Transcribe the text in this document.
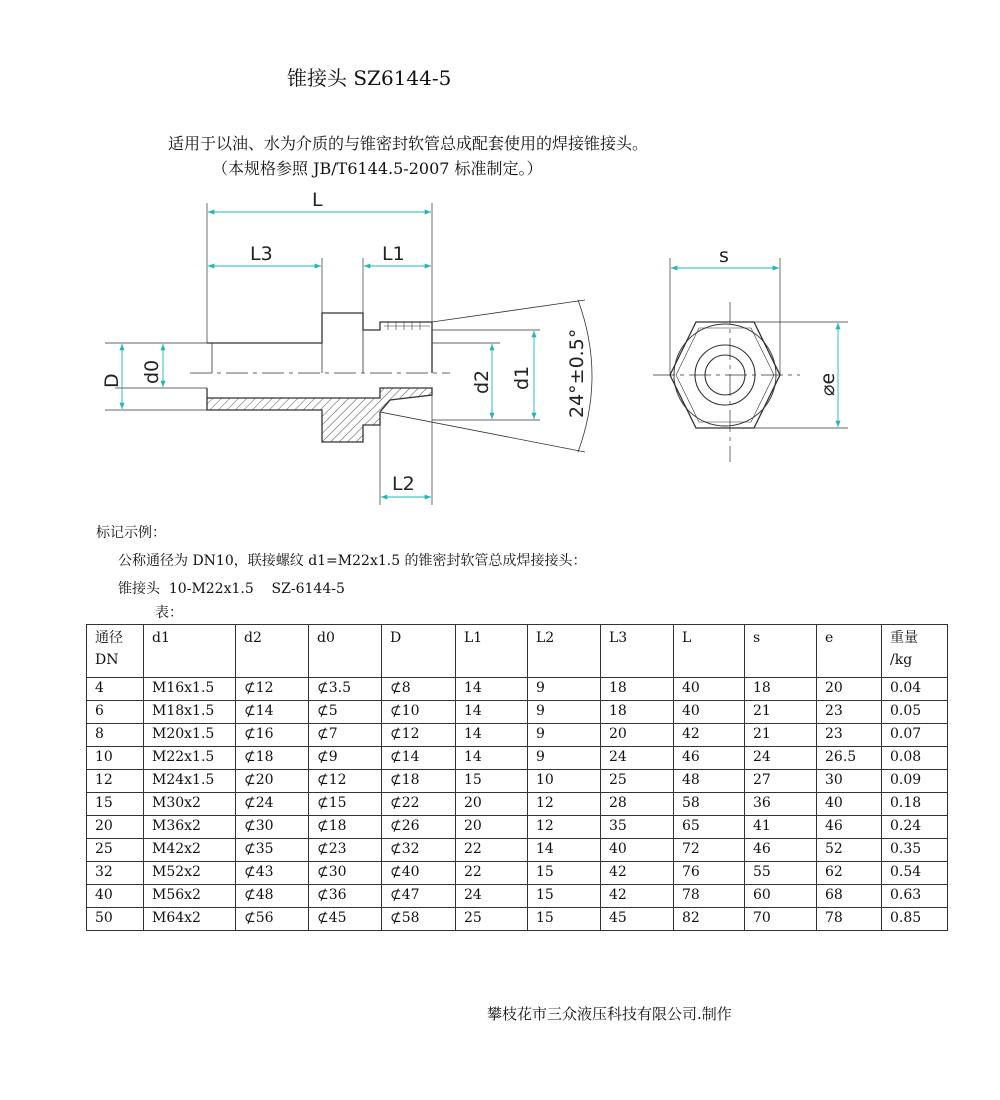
锥接头 SZ6144-5
适用于以油、水为介质的与锥密封软管总成配套使用的焊接锥接头。
（本规格参照 JB/T6144.5-2007 标准制定。）
L
L3	L1
L2
D d0	d2 d1 24°±0.5°
s
⌀e
标记示例：
公称通径为 DN10，联接螺纹 d1=M22x1.5 的锥密封软管总成焊接接头：
锥接头  10-M22x1.5    SZ-6144-5
表：
通径
DN	d1	d2	d0	D	L1	L2	L3	L	s	e	重量
/kg
4	M16x1.5	⊄12	⊄3.5	⊄8	14	9	18	40	18	20	0.04
6	M18x1.5	⊄14	⊄5	⊄10	14	9	18	40	21	23	0.05
8	M20x1.5	⊄16	⊄7	⊄12	14	9	20	42	21	23	0.07
10	M22x1.5	⊄18	⊄9	⊄14	14	9	24	46	24	26.5	0.08
12	M24x1.5	⊄20	⊄12	⊄18	15	10	25	48	27	30	0.09
15	M30x2	⊄24	⊄15	⊄22	20	12	28	58	36	40	0.18
20	M36x2	⊄30	⊄18	⊄26	20	12	35	65	41	46	0.24
25	M42x2	⊄35	⊄23	⊄32	22	14	40	72	46	52	0.35
32	M52x2	⊄43	⊄30	⊄40	22	15	42	76	55	62	0.54
40	M56x2	⊄48	⊄36	⊄47	24	15	42	78	60	68	0.63
50	M64x2	⊄56	⊄45	⊄58	25	15	45	82	70	78	0.85
攀枝花市三众液压科技有限公司.制作
